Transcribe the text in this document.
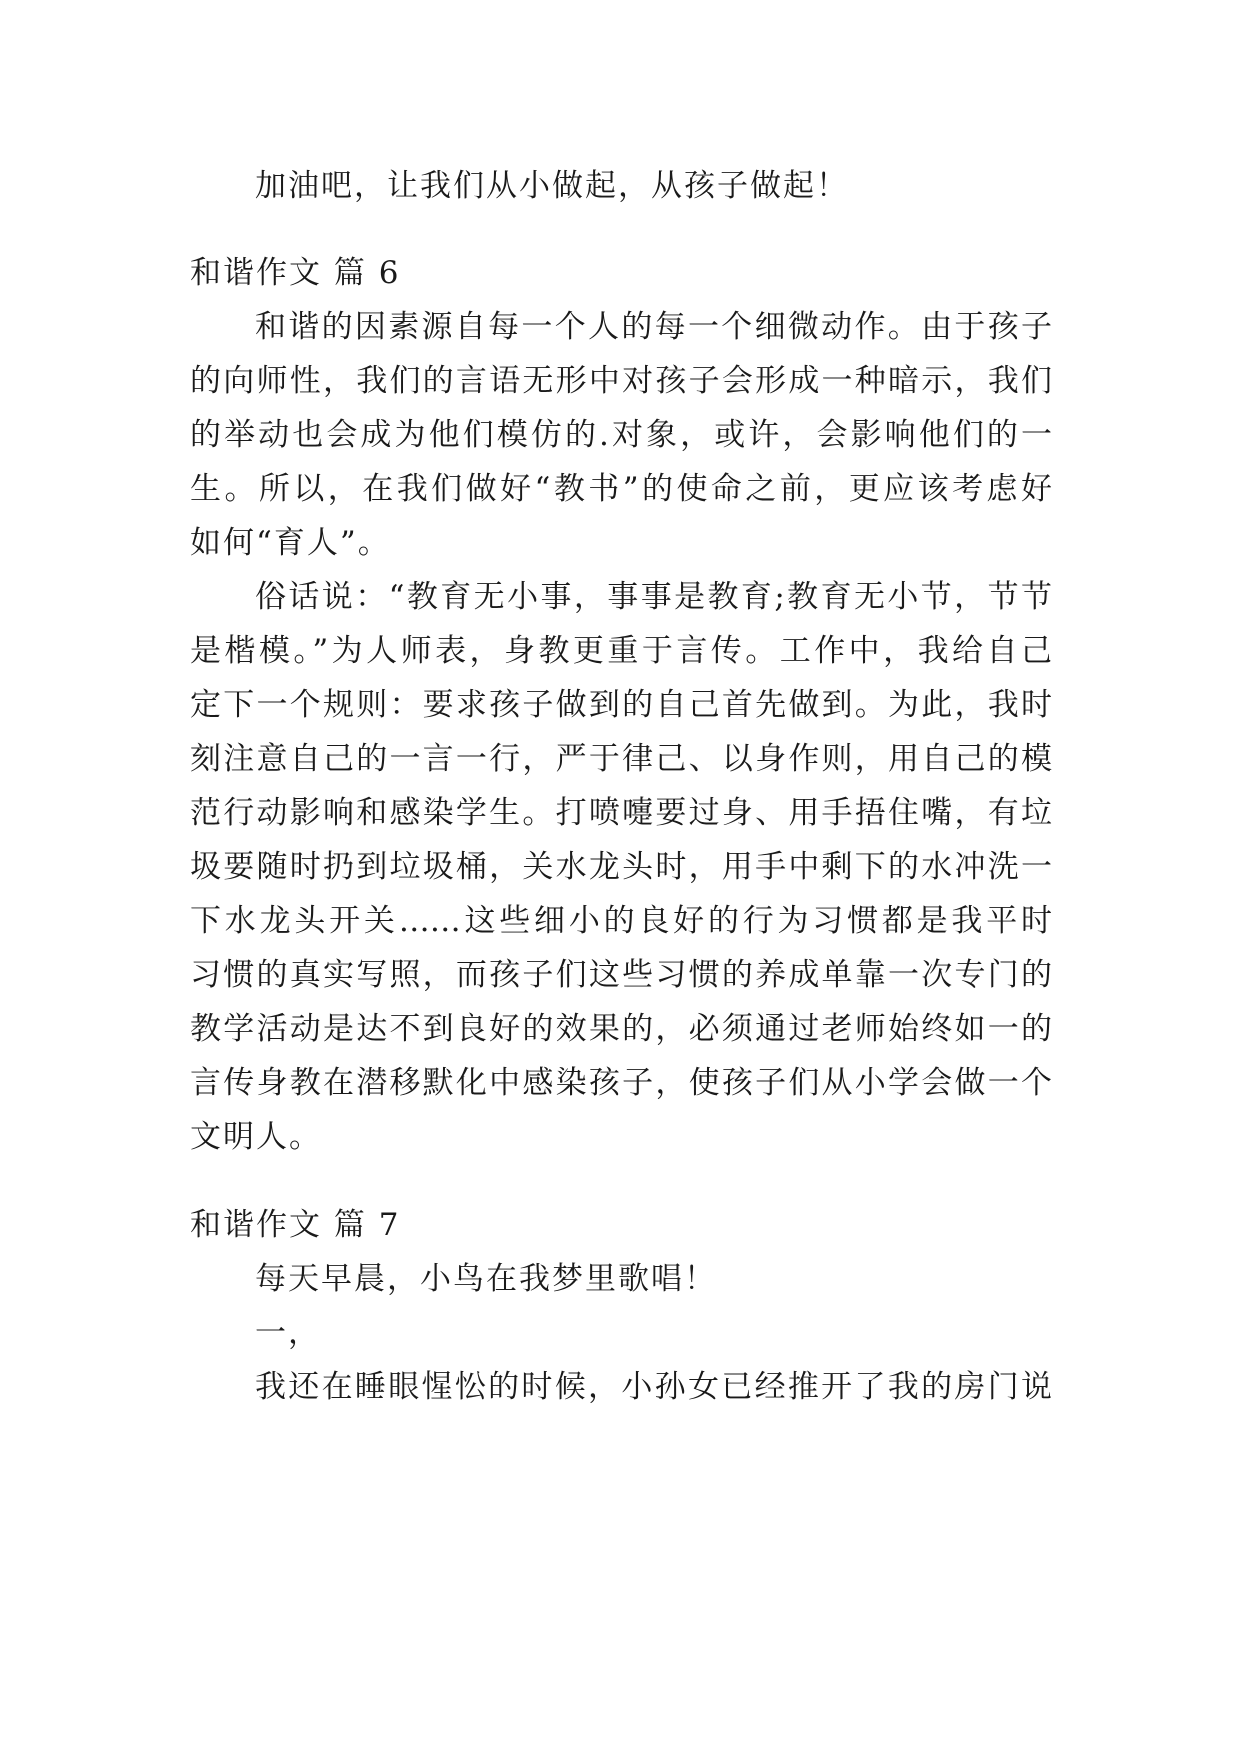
加油吧，让我们从小做起，从孩子做起！
和谐作文 篇 6
和谐的因素源自每一个人的每一个细微动作。由于孩子
的向师性，我们的言语无形中对孩子会形成一种暗示，我们
的举动也会成为他们模仿的.对象，或许，会影响他们的一
生。所以，在我们做好“教书”的使命之前，更应该考虑好
如何“育人”。
俗话说：“教育无小事，事事是教育;教育无小节，节节
是楷模。”为人师表，身教更重于言传。工作中，我给自己
定下一个规则：要求孩子做到的自己首先做到。为此，我时
刻注意自己的一言一行，严于律己、以身作则，用自己的模
范行动影响和感染学生。打喷嚏要过身、用手捂住嘴，有垃
圾要随时扔到垃圾桶，关水龙头时，用手中剩下的水冲洗一
下水龙头开关……这些细小的良好的行为习惯都是我平时
习惯的真实写照，而孩子们这些习惯的养成单靠一次专门的
教学活动是达不到良好的效果的，必须通过老师始终如一的
言传身教在潜移默化中感染孩子，使孩子们从小学会做一个
文明人。
和谐作文 篇 7
每天早晨，小鸟在我梦里歌唱！
一，
我还在睡眼惺忪的时候，小孙女已经推开了我的房门说
